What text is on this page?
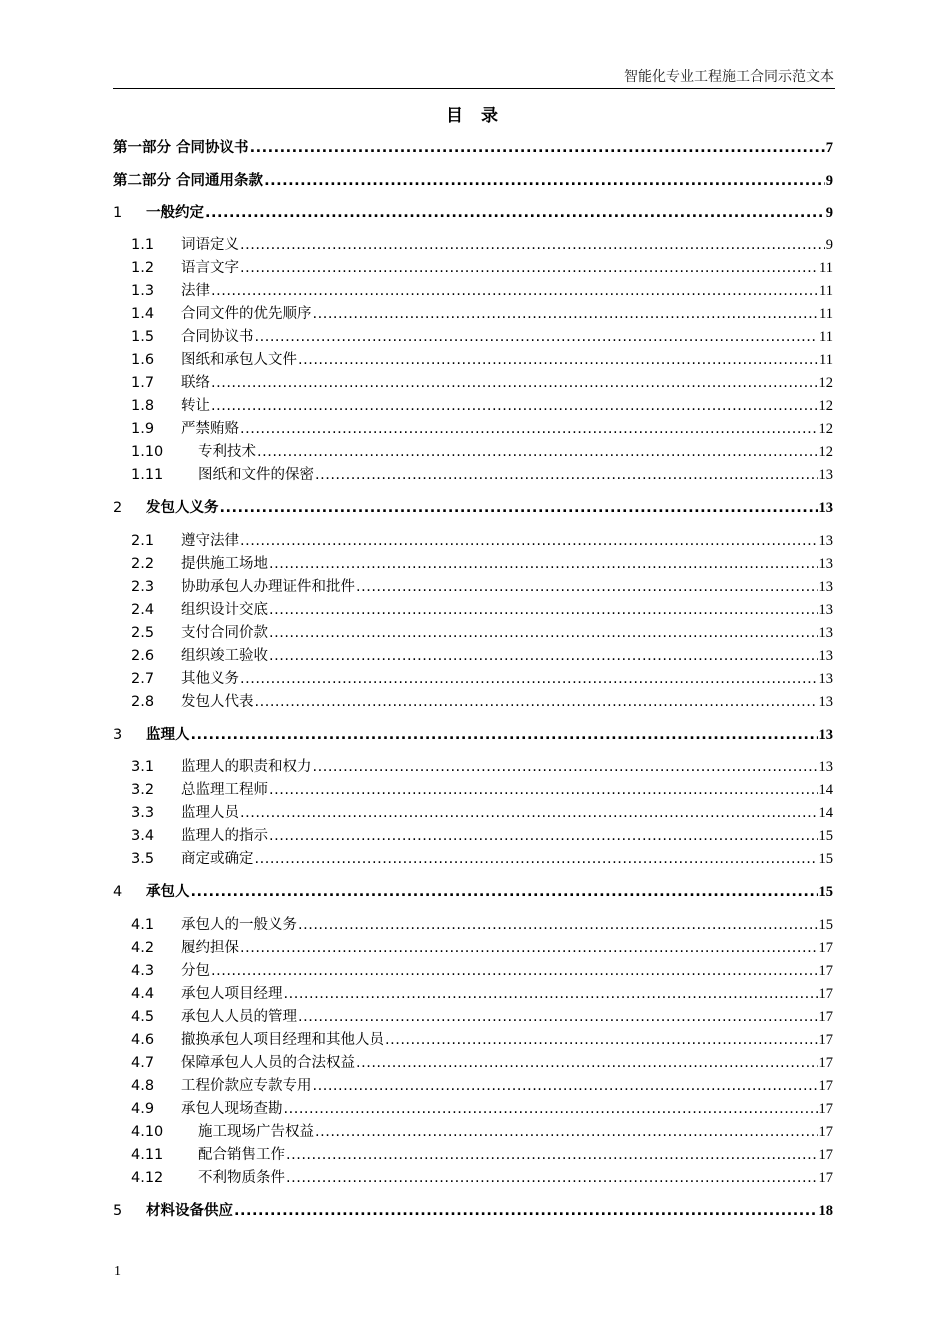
智能化专业工程施工合同示范文本
目 录
第一部分 合同协议书 .....	7
第二部分 合同通用条款 .....	9
1	一般约定 .....	9
1.1	词语定义 .....	9
1.2	语言文字 .....	11
1.3	法律 .....	11
1.4	合同文件的优先顺序 .....	11
1.5	合同协议书 .....	11
1.6	图纸和承包人文件 .....	11
1.7	联络 .....	12
1.8	转让 .....	12
1.9	严禁贿赂 .....	12
1.10	专利技术 .....	12
1.11	图纸和文件的保密 .....	13
2	发包人义务 .....	13
2.1	遵守法律 .....	13
2.2	提供施工场地 .....	13
2.3	协助承包人办理证件和批件 .....	13
2.4	组织设计交底 .....	13
2.5	支付合同价款 .....	13
2.6	组织竣工验收 .....	13
2.7	其他义务 .....	13
2.8	发包人代表 .....	13
3	监理人 .....	13
3.1	监理人的职责和权力 .....	13
3.2	总监理工程师 .....	14
3.3	监理人员 .....	14
3.4	监理人的指示 .....	15
3.5	商定或确定 .....	15
4	承包人 .....	15
4.1	承包人的一般义务 .....	15
4.2	履约担保 .....	17
4.3	分包 .....	17
4.4	承包人项目经理 .....	17
4.5	承包人人员的管理 .....	17
4.6	撤换承包人项目经理和其他人员 .....	17
4.7	保障承包人人员的合法权益 .....	17
4.8	工程价款应专款专用 .....	17
4.9	承包人现场查勘 .....	17
4.10	施工现场广告权益 .....	17
4.11	配合销售工作 .....	17
4.12	不利物质条件 .....	17
5	材料设备供应 .....	18
1
